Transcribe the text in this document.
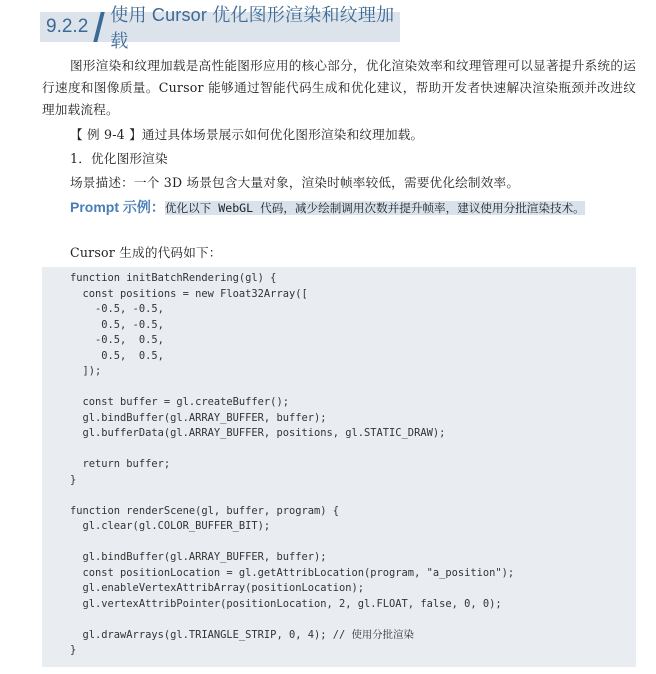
9.2.2
使用 Cursor 优化图形渲染和纹理加载
图形渲染和纹理加载是高性能图形应用的核心部分，优化渲染效率和纹理管理可以显著提升系统的运行速度和图像质量。Cursor 能够通过智能代码生成和优化建议，帮助开发者快速解决渲染瓶颈并改进纹理加载流程。
【 例 9-4 】通过具体场景展示如何优化图形渲染和纹理加载。
1．优化图形渲染
场景描述：一个 3D 场景包含大量对象，渲染时帧率较低，需要优化绘制效率。
Prompt 示例：优化以下 WebGL 代码，减少绘制调用次数并提升帧率，建议使用分批渲染技术。
Cursor 生成的代码如下：
function initBatchRendering(gl) {
const positions = new Float32Array([
-0.5, -0.5,
0.5, -0.5,
-0.5,  0.5,
0.5,  0.5,
]);
const buffer = gl.createBuffer();
gl.bindBuffer(gl.ARRAY_BUFFER, buffer);
gl.bufferData(gl.ARRAY_BUFFER, positions, gl.STATIC_DRAW);
return buffer;
}
function renderScene(gl, buffer, program) {
gl.clear(gl.COLOR_BUFFER_BIT);
gl.bindBuffer(gl.ARRAY_BUFFER, buffer);
const positionLocation = gl.getAttribLocation(program, "a_position");
gl.enableVertexAttribArray(positionLocation);
gl.vertexAttribPointer(positionLocation, 2, gl.FLOAT, false, 0, 0);
gl.drawArrays(gl.TRIANGLE_STRIP, 0, 4); // 使用分批渲染
}
